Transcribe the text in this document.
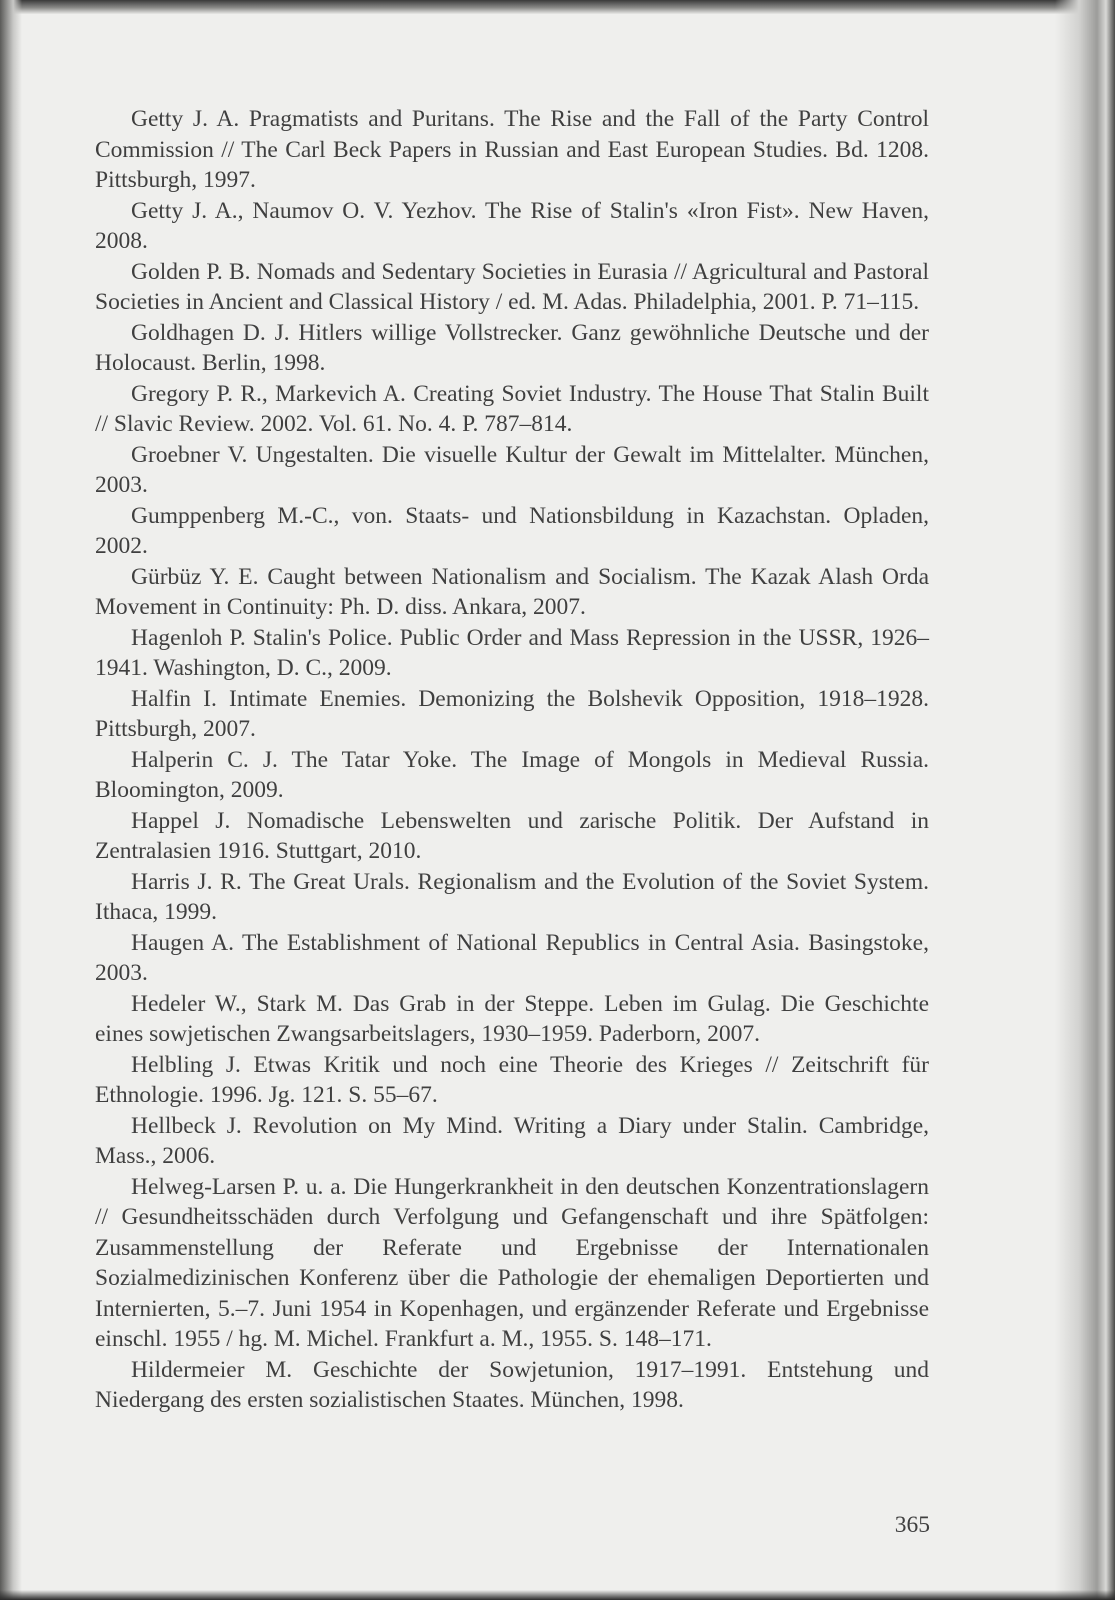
Getty J. A. Pragmatists and Puritans. The Rise and the Fall of the Party Control Commission // The Carl Beck Papers in Russian and East European Studies. Bd. 1208. Pittsburgh, 1997.

Getty J. A., Naumov O. V. Yezhov. The Rise of Stalin's «Iron Fist». New Haven, 2008.

Golden P. B. Nomads and Sedentary Societies in Eurasia // Agricultural and Pastoral Societies in Ancient and Classical History / ed. M. Adas. Philadelphia, 2001. P. 71–115.

Goldhagen D. J. Hitlers willige Vollstrecker. Ganz gewöhnliche Deutsche und der Holocaust. Berlin, 1998.

Gregory P. R., Markevich A. Creating Soviet Industry. The House That Stalin Built // Slavic Review. 2002. Vol. 61. No. 4. P. 787–814.

Groebner V. Ungestalten. Die visuelle Kultur der Gewalt im Mittelalter. München, 2003.

Gumppenberg M.-C., von. Staats- und Nationsbildung in Kazachstan. Opladen, 2002.

Gürbüz Y. E. Caught between Nationalism and Socialism. The Kazak Alash Orda Movement in Continuity: Ph. D. diss. Ankara, 2007.

Hagenloh P. Stalin's Police. Public Order and Mass Repression in the USSR, 1926–1941. Washington, D. C., 2009.

Halfin I. Intimate Enemies. Demonizing the Bolshevik Opposition, 1918–1928. Pittsburgh, 2007.

Halperin C. J. The Tatar Yoke. The Image of Mongols in Medieval Russia. Bloomington, 2009.

Happel J. Nomadische Lebenswelten und zarische Politik. Der Aufstand in Zentralasien 1916. Stuttgart, 2010.

Harris J. R. The Great Urals. Regionalism and the Evolution of the Soviet System. Ithaca, 1999.

Haugen A. The Establishment of National Republics in Central Asia. Basingstoke, 2003.

Hedeler W., Stark M. Das Grab in der Steppe. Leben im Gulag. Die Geschichte eines sowjetischen Zwangsarbeitslagers, 1930–1959. Paderborn, 2007.

Helbling J. Etwas Kritik und noch eine Theorie des Krieges // Zeitschrift für Ethnologie. 1996. Jg. 121. S. 55–67.

Hellbeck J. Revolution on My Mind. Writing a Diary under Stalin. Cambridge, Mass., 2006.

Helweg-Larsen P. u. a. Die Hungerkrankheit in den deutschen Konzentrationslagern // Gesundheitsschäden durch Verfolgung und Gefangenschaft und ihre Spätfolgen: Zusammenstellung der Referate und Ergebnisse der Internationalen Sozialmedizinischen Konferenz über die Pathologie der ehemaligen Deportierten und Internierten, 5.–7. Juni 1954 in Kopenhagen, und ergänzender Referate und Ergebnisse einschl. 1955 / hg. M. Michel. Frankfurt a. M., 1955. S. 148–171.

Hildermeier M. Geschichte der Sowjetunion, 1917–1991. Entstehung und Niedergang des ersten sozialistischen Staates. München, 1998.

365
